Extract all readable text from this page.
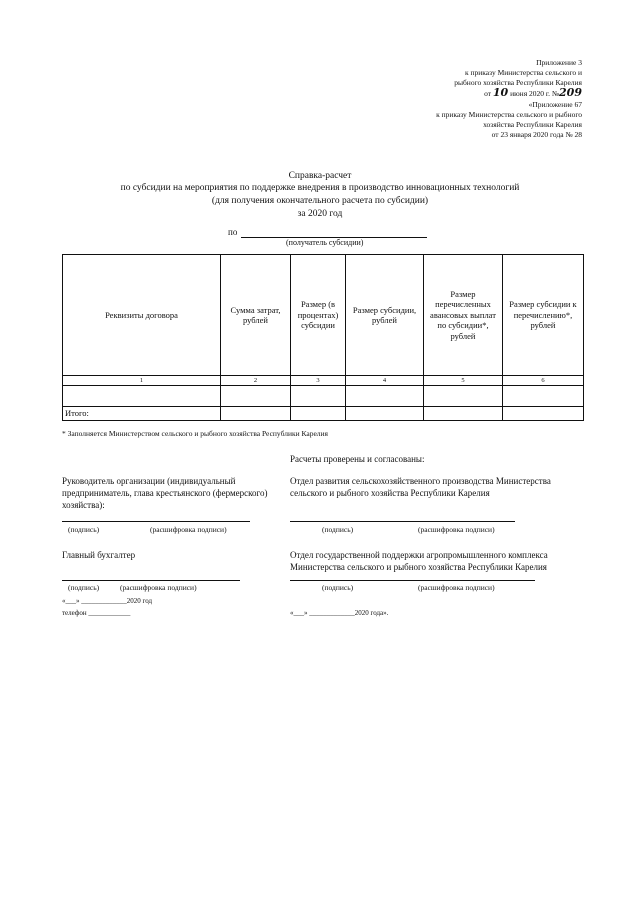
Приложение 3
к приказу Министерства сельского и
рыбного хозяйства Республики Карелия
от 10 июня 2020 г. №209
«Приложение 67
к приказу Министерства сельского и рыбного
хозяйства Республики Карелия
от 23 января 2020 года № 28
Справка-расчет
по субсидии на мероприятия по поддержке внедрения в производство инновационных технологий
(для получения окончательного расчета по субсидии)
за 2020 год
по
(получатель субсидии)
Реквизиты договора	Сумма затрат, рублей	Размер (в процентах) субсидии	Размер субсидии, рублей	Размер перечисленных авансовых выплат по субсидии*, рублей	Размер субсидии к перечислению*, рублей
1	2	3	4	5	6

Итого:					
* Заполняется Министерством сельского и рыбного хозяйства Республики Карелия
Расчеты проверены и согласованы:
Руководитель организации (индивидуальный предприниматель, глава крестьянского (фермерского) хозяйства):
(подпись)	(расшифровка подписи)
Главный бухгалтер
(подпись)	(расшифровка подписи)
«___» _____________2020 год
телефон ____________
Отдел развития сельскохозяйственного производства Министерства сельского и рыбного хозяйства Республики Карелия
(подпись)	(расшифровка подписи)
Отдел государственной поддержки агропромышленного комплекса Министерства сельского и рыбного хозяйства Республики Карелия
(подпись)	(расшифровка подписи)
«___» _____________2020 года».
